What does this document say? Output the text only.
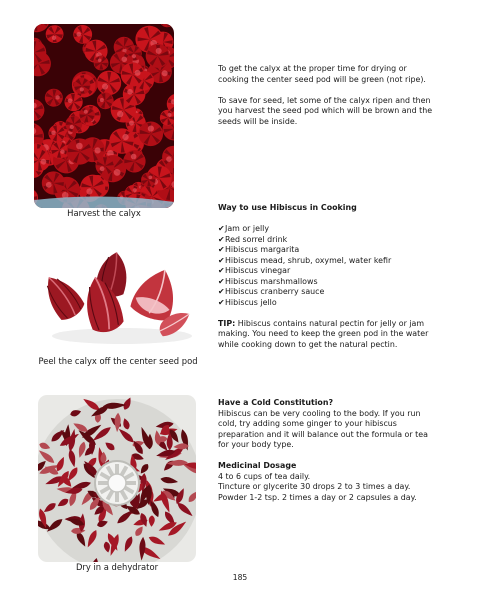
Harvest the calyx
Peel the calyx off the center seed pod
Dry in a dehydrator

To get the calyx at the proper time for drying or cooking the center seed pod will be green (not ripe).

To save for seed, let some of the calyx ripen and then you harvest the seed pod which will be brown and the seeds will be inside.

Way to use Hibiscus in Cooking

✔Jam or jelly
✔Red sorrel drink
✔Hibiscus margarita
✔Hibiscus mead, shrub, oxymel, water kefir
✔Hibiscus vinegar
✔Hibiscus marshmallows
✔Hibiscus cranberry sauce
✔Hibiscus jello

TIP: Hibiscus contains natural pectin for jelly or jam making. You need to keep the green pod in the water while cooking down to get the natural pectin.

Have a Cold Constitution?

Hibiscus can be very cooling to the body. If you run cold, try adding some ginger to your hibiscus preparation and it will balance out the formula or tea for your body type.

Medicinal Dosage

4 to 6 cups of tea daily.

Tincture or glycerite 30 drops 2 to 3 times a day.

Powder 1-2 tsp. 2 times a day or 2 capsules a day.

185
